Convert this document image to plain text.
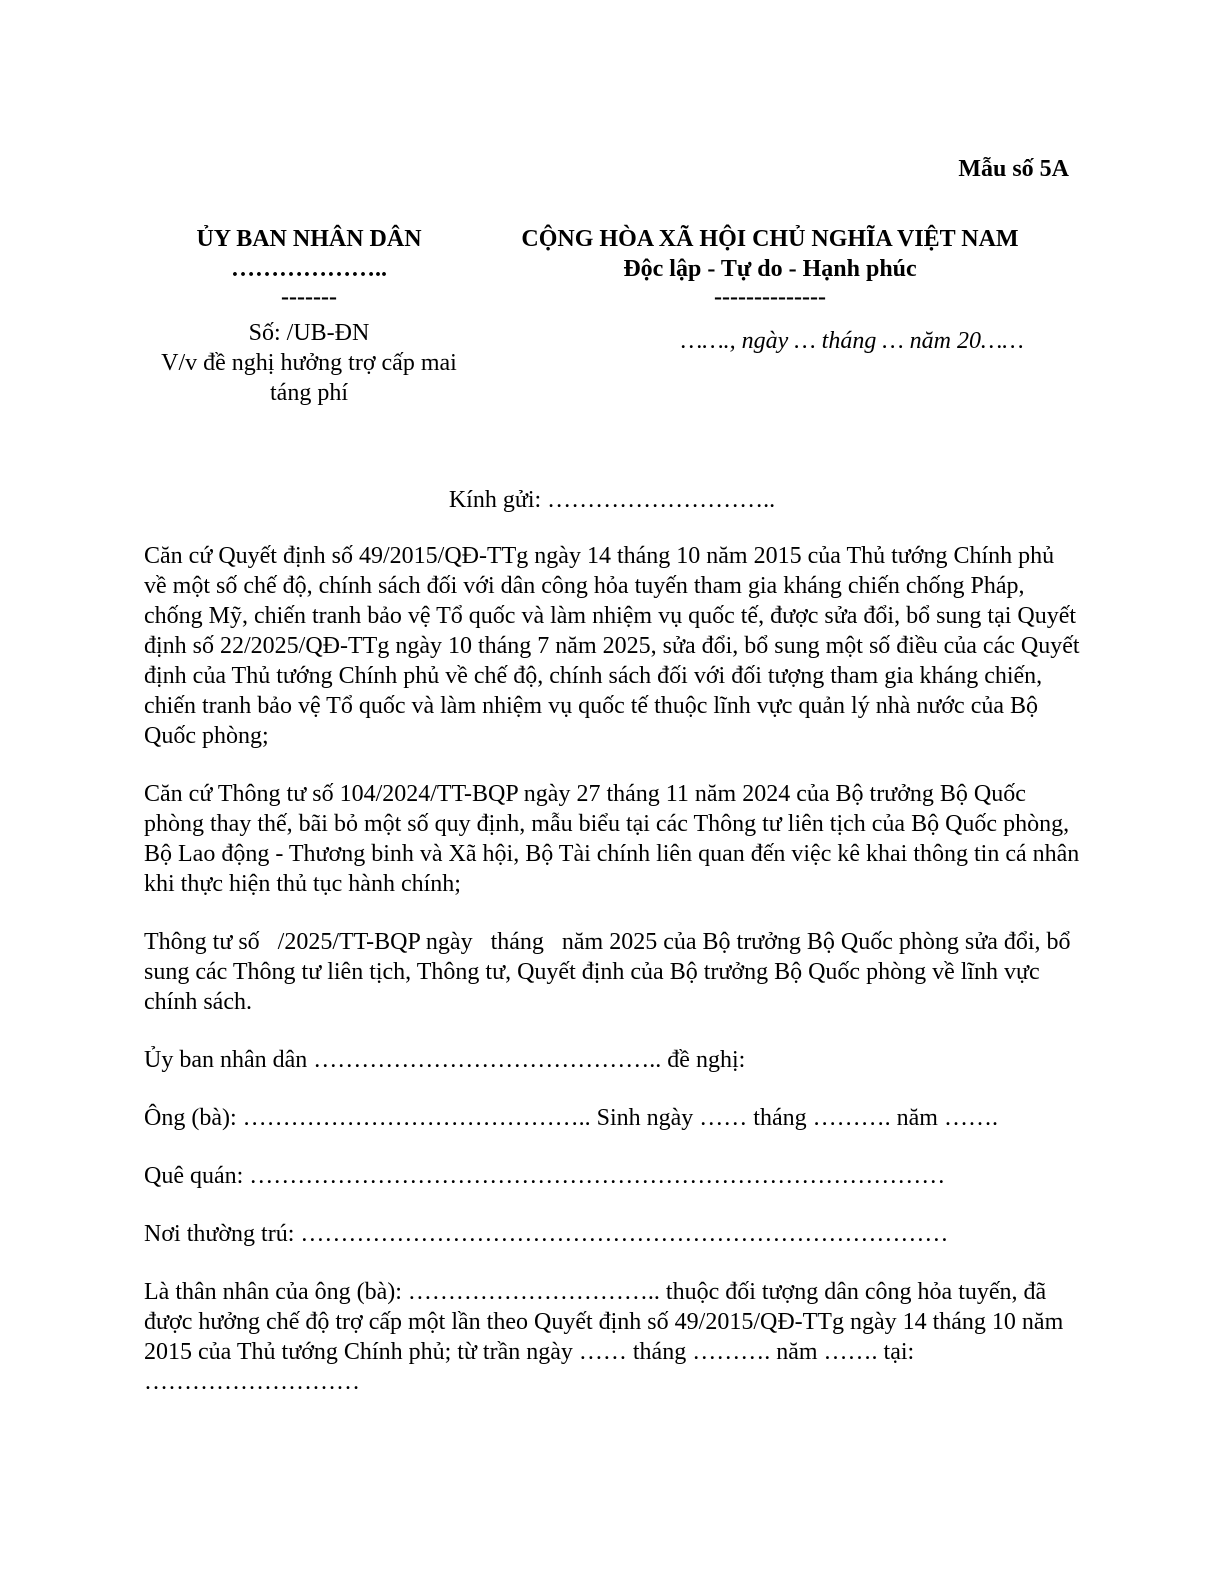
Mẫu số 5A
ỦY BAN NHÂN DÂN
………………..
-------
Số: /UB-ĐN
V/v đề nghị hưởng trợ cấp mai
táng phí
CỘNG HÒA XÃ HỘI CHỦ NGHĨA VIỆT NAM
Độc lập - Tự do - Hạnh phúc
--------------
……., ngày … tháng … năm 20……
Kính gửi: ………………………..

Căn cứ Quyết định số 49/2015/QĐ-TTg ngày 14 tháng 10 năm 2015 của Thủ tướng Chính phủ về một số chế độ, chính sách đối với dân công hỏa tuyến tham gia kháng chiến chống Pháp, chống Mỹ, chiến tranh bảo vệ Tổ quốc và làm nhiệm vụ quốc tế, được sửa đổi, bổ sung tại Quyết định số 22/2025/QĐ-TTg ngày 10 tháng 7 năm 2025, sửa đổi, bổ sung một số điều của các Quyết định của Thủ tướng Chính phủ về chế độ, chính sách đối với đối tượng tham gia kháng chiến, chiến tranh bảo vệ Tổ quốc và làm nhiệm vụ quốc tế thuộc lĩnh vực quản lý nhà nước của Bộ Quốc phòng;

Căn cứ Thông tư số 104/2024/TT-BQP ngày 27 tháng 11 năm 2024 của Bộ trưởng Bộ Quốc phòng thay thế, bãi bỏ một số quy định, mẫu biểu tại các Thông tư liên tịch của Bộ Quốc phòng, Bộ Lao động - Thương binh và Xã hội, Bộ Tài chính liên quan đến việc kê khai thông tin cá nhân khi thực hiện thủ tục hành chính;

Thông tư số   /2025/TT-BQP ngày   tháng   năm 2025 của Bộ trưởng Bộ Quốc phòng sửa đổi, bổ sung các Thông tư liên tịch, Thông tư, Quyết định của Bộ trưởng Bộ Quốc phòng về lĩnh vực chính sách.

Ủy ban nhân dân …………………………………….. đề nghị:

Ông (bà): …………………………………….. Sinh ngày …… tháng ………. năm …….

Quê quán: ……………………………………………………………………………

Nơi thường trú: ………………………………………………………………………

Là thân nhân của ông (bà): ………………………….. thuộc đối tượng dân công hỏa tuyến, đã được hưởng chế độ trợ cấp một lần theo Quyết định số 49/2015/QĐ-TTg ngày 14 tháng 10 năm 2015 của Thủ tướng Chính phủ; từ trần ngày …… tháng ………. năm ……. tại: ………………………
